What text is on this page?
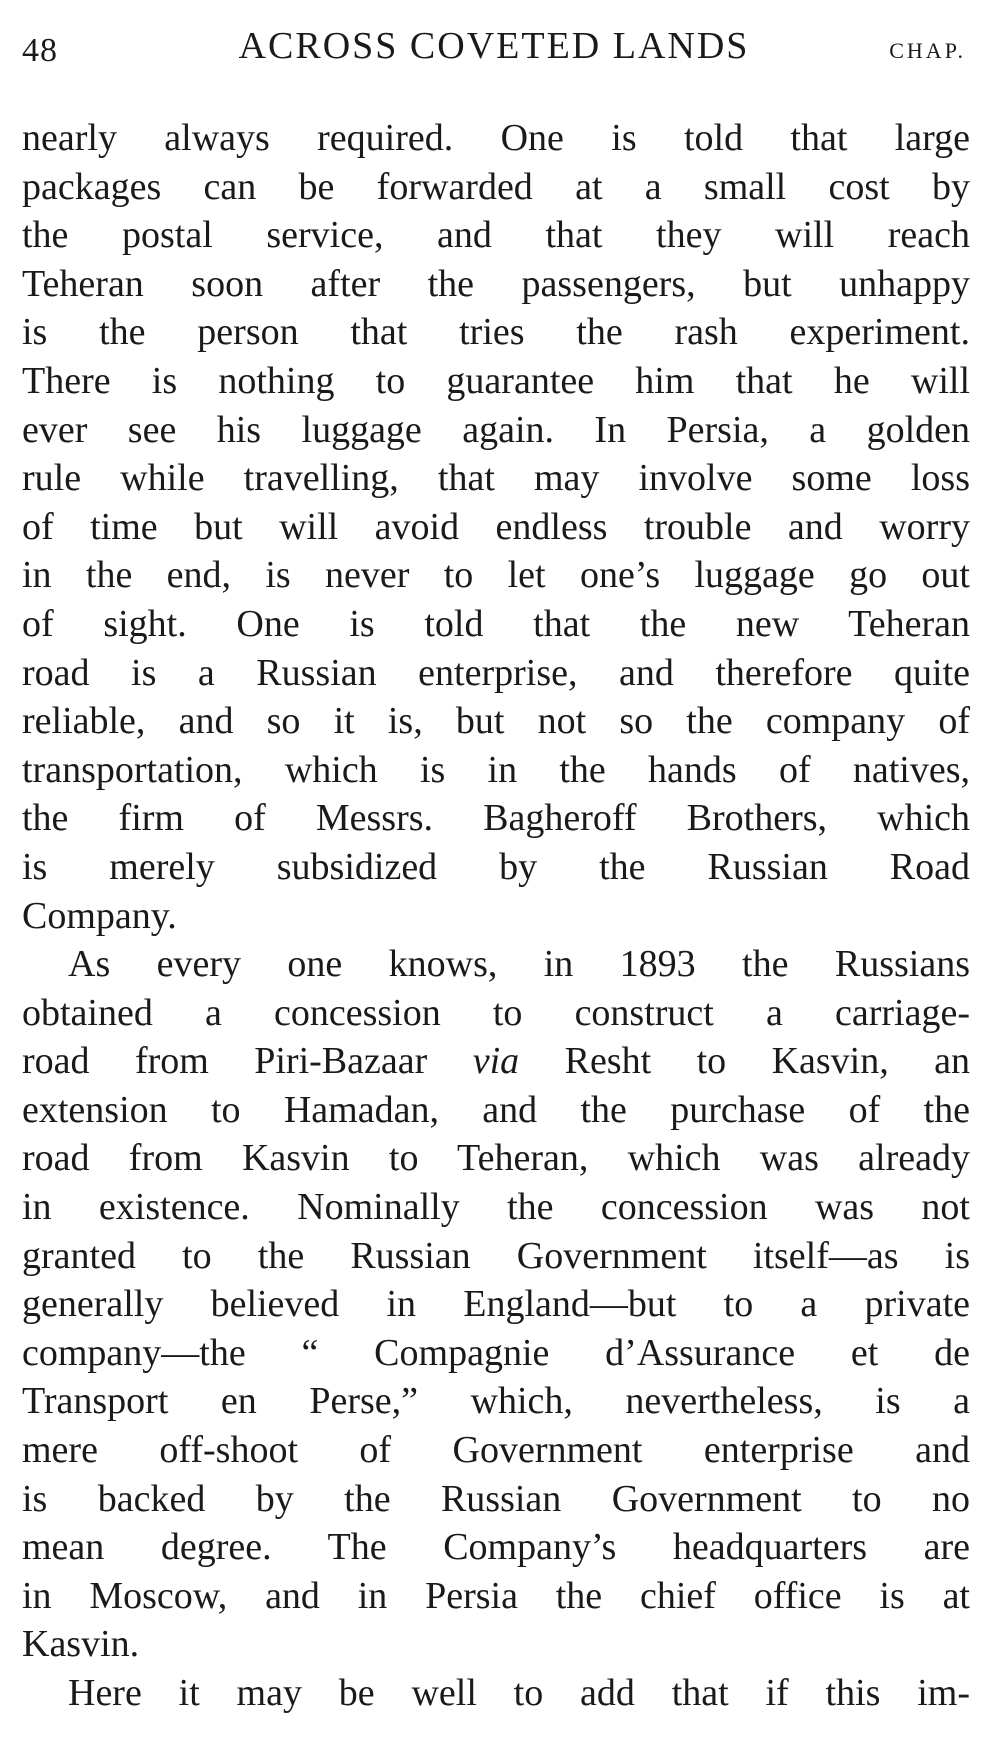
48	ACROSS COVETED LANDS	CHAP.
nearly always required. One is told that large
packages can be forwarded at a small cost by
the postal service, and that they will reach
Teheran soon after the passengers, but unhappy
is the person that tries the rash experiment.
There is nothing to guarantee him that he will
ever see his luggage again. In Persia, a golden
rule while travelling, that may involve some loss
of time but will avoid endless trouble and worry
in the end, is never to let one’s luggage go out
of sight. One is told that the new Teheran
road is a Russian enterprise, and therefore quite
reliable, and so it is, but not so the company of
transportation, which is in the hands of natives,
the firm of Messrs. Bagheroff Brothers, which
is merely subsidized by the Russian Road
Company.
As every one knows, in 1893 the Russians
obtained a concession to construct a carriage-
road from Piri-Bazaar via Resht to Kasvin, an
extension to Hamadan, and the purchase of the
road from Kasvin to Teheran, which was already
in existence. Nominally the concession was not
granted to the Russian Government itself—as is
generally believed in England—but to a private
company—the “ Compagnie d’Assurance et de
Transport en Perse,” which, nevertheless, is a
mere off-shoot of Government enterprise and
is backed by the Russian Government to no
mean degree. The Company’s headquarters are
in Moscow, and in Persia the chief office is at
Kasvin.
Here it may be well to add that if this im-
